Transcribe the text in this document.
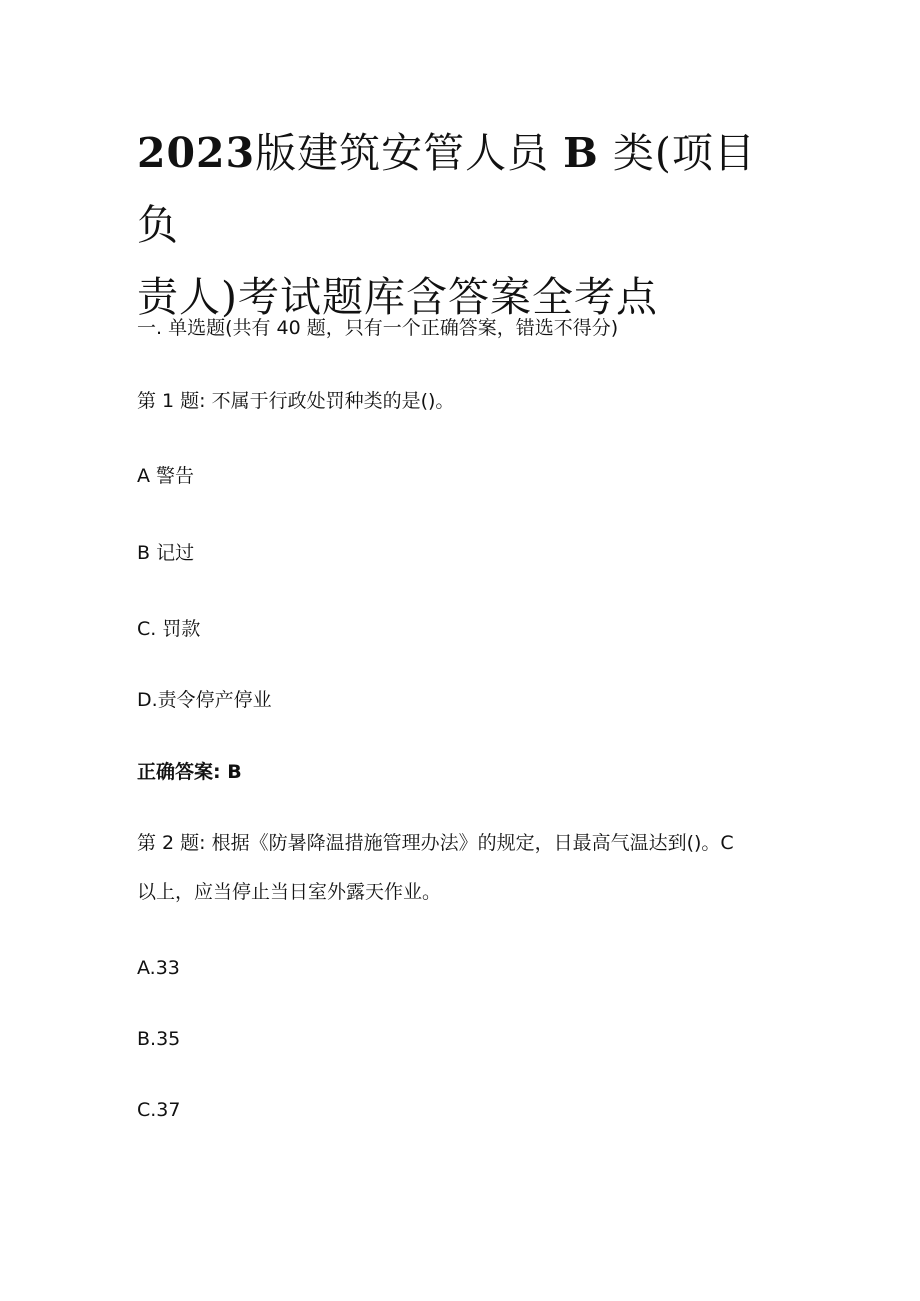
2023版建筑安管人员 B 类(项目负
责人)考试题库含答案全考点

一. 单选题(共有 40 题，只有一个正确答案，错选不得分)

第 1 题: 不属于行政处罚种类的是()。

A 警告

B 记过

C. 罚款

D.责令停产停业

正确答案: B

第 2 题: 根据《防暑降温措施管理办法》的规定，日最高气温达到()。C

以上，应当停止当日室外露天作业。

A.33

B.35

C.37
